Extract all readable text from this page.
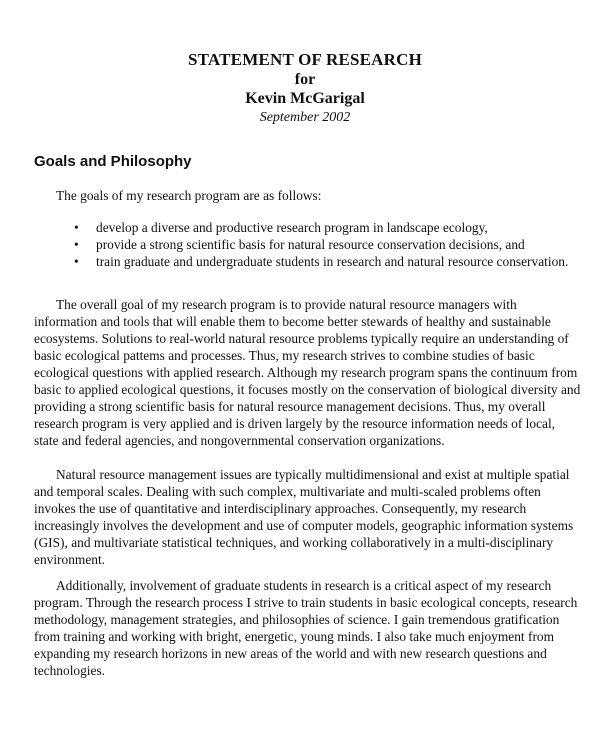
STATEMENT OF RESEARCH

for

Kevin McGarigal

September 2002

Goals and Philosophy

The goals of my research program are as follows:

• develop a diverse and productive research program in landscape ecology,
• provide a strong scientific basis for natural resource conservation decisions, and
• train graduate and undergraduate students in research and natural resource conservation.

The overall goal of my research program is to provide natural resource managers with information and tools that will enable them to become better stewards of healthy and sustainable ecosystems. Solutions to real-world natural resource problems typically require an understanding of basic ecological pattems and processes. Thus, my research strives to combine studies of basic ecological questions with applied research. Although my research program spans the continuum from basic to applied ecological questions, it focuses mostly on the conservation of biological diversity and providing a strong scientific basis for natural resource management decisions. Thus, my overall research program is very applied and is driven largely by the resource information needs of local, state and federal agencies, and nongovernmental conservation organizations.

Natural resource management issues are typically multidimensional and exist at multiple spatial and temporal scales. Dealing with such complex, multivariate and multi-scaled problems often invokes the use of quantitative and interdisciplinary approaches. Consequently, my research increasingly involves the development and use of computer models, geographic information systems (GIS), and multivariate statistical techniques, and working collaboratively in a multi-disciplinary environment.

Additionally, involvement of graduate students in research is a critical aspect of my research program. Through the research process I strive to train students in basic ecological concepts, research methodology, management strategies, and philosophies of science. I gain tremendous gratification from training and working with bright, energetic, young minds. I also take much enjoyment from expanding my research horizons in new areas of the world and with new research questions and technologies.
